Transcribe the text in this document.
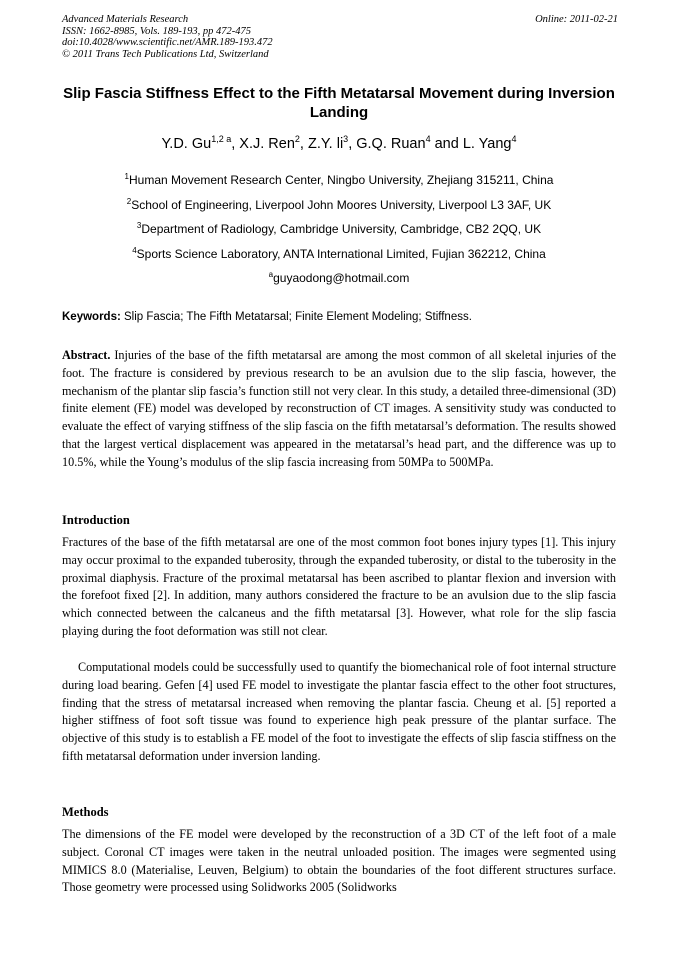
Advanced Materials Research
ISSN: 1662-8985, Vols. 189-193, pp 472-475
doi:10.4028/www.scientific.net/AMR.189-193.472
© 2011 Trans Tech Publications Ltd, Switzerland
Online: 2011-02-21
Slip Fascia Stiffness Effect to the Fifth Metatarsal Movement during Inversion Landing
Y.D. $Gu^{1,2 a}$, X.J. Ren$^2$, Z.Y. $li^3$, G.Q. Ruan$^4$ and L. Yang$^4$
$^1$Human Movement Research Center, Ningbo University, Zhejiang 315211, China
$^2$School of Engineering, Liverpool John Moores University, Liverpool L3 3AF, UK
$^3$Department of Radiology, Cambridge University, Cambridge, CB2 2QQ, UK
$^4$Sports Science Laboratory, ANTA International Limited, Fujian 362212, China
$^a$guyaodong@hotmail.com
Keywords: Slip Fascia; The Fifth Metatarsal; Finite Element Modeling; Stiffness.

Abstract. Injuries of the base of the fifth metatarsal are among the most common of all skeletal injuries of the foot. The fracture is considered by previous research to be an avulsion due to the slip fascia, however, the mechanism of the plantar slip fascia’s function still not very clear. In this study, a detailed three-dimensional (3D) finite element (FE) model was developed by reconstruction of CT images. A sensitivity study was conducted to evaluate the effect of varying stiffness of the slip fascia on the fifth metatarsal’s deformation. The results showed that the largest vertical displacement was appeared in the metatarsal’s head part, and the difference was up to 10.5%, while the Young’s modulus of the slip fascia increasing from 50MPa to 500MPa.

Introduction

Fractures of the base of the fifth metatarsal are one of the most common foot bones injury types [1]. This injury may occur proximal to the expanded tuberosity, through the expanded tuberosity, or distal to the tuberosity in the proximal diaphysis. Fracture of the proximal metatarsal has been ascribed to plantar flexion and inversion with the forefoot fixed [2]. In addition, many authors considered the fracture to be an avulsion due to the slip fascia which connected between the calcaneus and the fifth metatarsal [3]. However, what role for the slip fascia playing during the foot deformation was still not clear.

Computational models could be successfully used to quantify the biomechanical role of foot internal structure during load bearing. Gefen [4] used FE model to investigate the plantar fascia effect to the other foot structures, finding that the stress of metatarsal increased when removing the plantar fascia. Cheung et al. [5] reported a higher stiffness of foot soft tissue was found to experience high peak pressure of the plantar surface. The objective of this study is to establish a FE model of the foot to investigate the effects of slip fascia stiffness on the fifth metatarsal deformation under inversion landing.

Methods

The dimensions of the FE model were developed by the reconstruction of a 3D CT of the left foot of a male subject. Coronal CT images were taken in the neutral unloaded position. The images were segmented using MIMICS 8.0 (Materialise, Leuven, Belgium) to obtain the boundaries of the foot different structures surface. Those geometry were processed using Solidworks 2005 (Solidworks
